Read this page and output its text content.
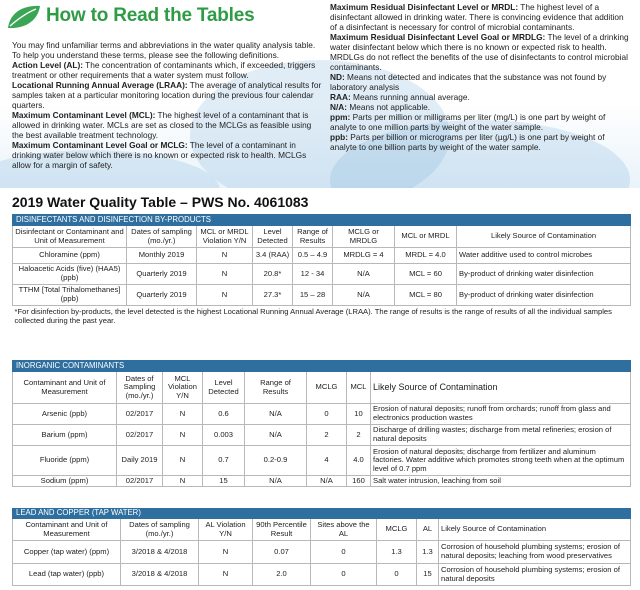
How to Read the Tables

You may find unfamiliar terms and abbreviations in the water quality analysis table. To help you understand these terms, please see the following definitions.

Action Level (AL): The concentration of contaminants which, if exceeded, triggers treatment or other requirements that a water system must follow.

Locational Running Annual Average (LRAA): The average of analytical results for samples taken at a particular monitoring location during the previous four calendar quarters.

Maximum Contaminant Level (MCL): The highest level of a contaminant that is allowed in drinking water. MCLs are set as closed to the MCLGs as feasible using the best available treatment technology.

Maximum Contaminant Level Goal or MCLG: The level of a contaminant in drinking water below which there is no known or expected risk to health. MCLGs allow for a margin of safety.

Maximum Residual Disinfectant Level or MRDL: The highest level of a disinfectant allowed in drinking water. There is convincing evidence that addition of a disinfectant is necessary for control of microbial contaminants.

Maximum Residual Disinfectant Level Goal or MRDLG: The level of a drinking water disinfectant below which there is no known or expected risk to health. MRDLGs do not reflect the benefits of the use of disinfectants to control microbial contaminants.

ND: Means not detected and indicates that the substance was not found by laboratory analysis

RAA: Means running annual average.

N/A: Means not applicable.

ppm: Parts per million or milligrams per liter (mg/L) is one part by weight of analyte to one million parts by weight of the water sample.

ppb: Parts per billion or micrograms per liter (µg/L) is one part by weight of analyte to one billion parts by weight of the water sample.

2019 Water Quality Table – PWS No. 4061083
DISINFECTANTS AND DISINFECTION BY-PRODUCTS							
Disinfectant or Contaminant and Unit of Measurement	Dates of sampling (mo./yr.)	MCL or MRDL Violation Y/N	Level Detected	Range of Results	MCLG or MRDLG	MCL or MRDL	Likely Source of Contamination
Chloramine (ppm)	Monthly 2019	N	3.4 (RAA)	0.5 – 4.9	MRDLG = 4	MRDL = 4.0	Water additive used to control microbes
Haloacetic Acids (five) (HAA5) (ppb)	Quarterly 2019	N	20.8*	12 - 34	N/A	MCL = 60	By-product of drinking water disinfection
TTHM [Total Trihalomethanes] (ppb)	Quarterly 2019	N	27.3*	15 – 28	N/A	MCL = 80	By-product of drinking water disinfection
*For disinfection by-products, the level detected is the highest Locational Running Annual Average (LRAA). The range of results is the range of results of all the individual samples collected during the past year.							
INORGANIC CONTAMINANTS							
Contaminant and Unit of Measurement	Dates of Sampling (mo./yr.)	MCL Violation Y/N	Level Detected	Range of Results	MCLG	MCL	Likely Source of Contamination
Arsenic (ppb)	02/2017	N	0.6	N/A	0	10	Erosion of natural deposits; runoff from orchards; runoff from glass and electronics production wastes
Barium (ppm)	02/2017	N	0.003	N/A	2	2	Discharge of drilling wastes; discharge from metal refineries; erosion of natural deposits
Fluoride (ppm)	Daily 2019	N	0.7	0.2-0.9	4	4.0	Erosion of natural deposits; discharge from fertilizer and aluminum factories. Water additive which promotes strong teeth when at the optimum level of 0.7 ppm
Sodium (ppm)	02/2017	N	15	N/A	N/A	160	Salt water intrusion, leaching from soil
LEAD AND COPPER (TAP WATER)							
Contaminant and Unit of Measurement	Dates of sampling (mo./yr.)	AL Violation Y/N	90th Percentile Result	Sites above the AL	MCLG	AL	Likely Source of Contamination
Copper (tap water) (ppm)	3/2018 & 4/2018	N	0.07	0	1.3	1.3	Corrosion of household plumbing systems; erosion of natural deposits; leaching from wood preservatives
Lead (tap water) (ppb)	3/2018 & 4/2018	N	2.0	0	0	15	Corrosion of household plumbing systems; erosion of natural deposits
